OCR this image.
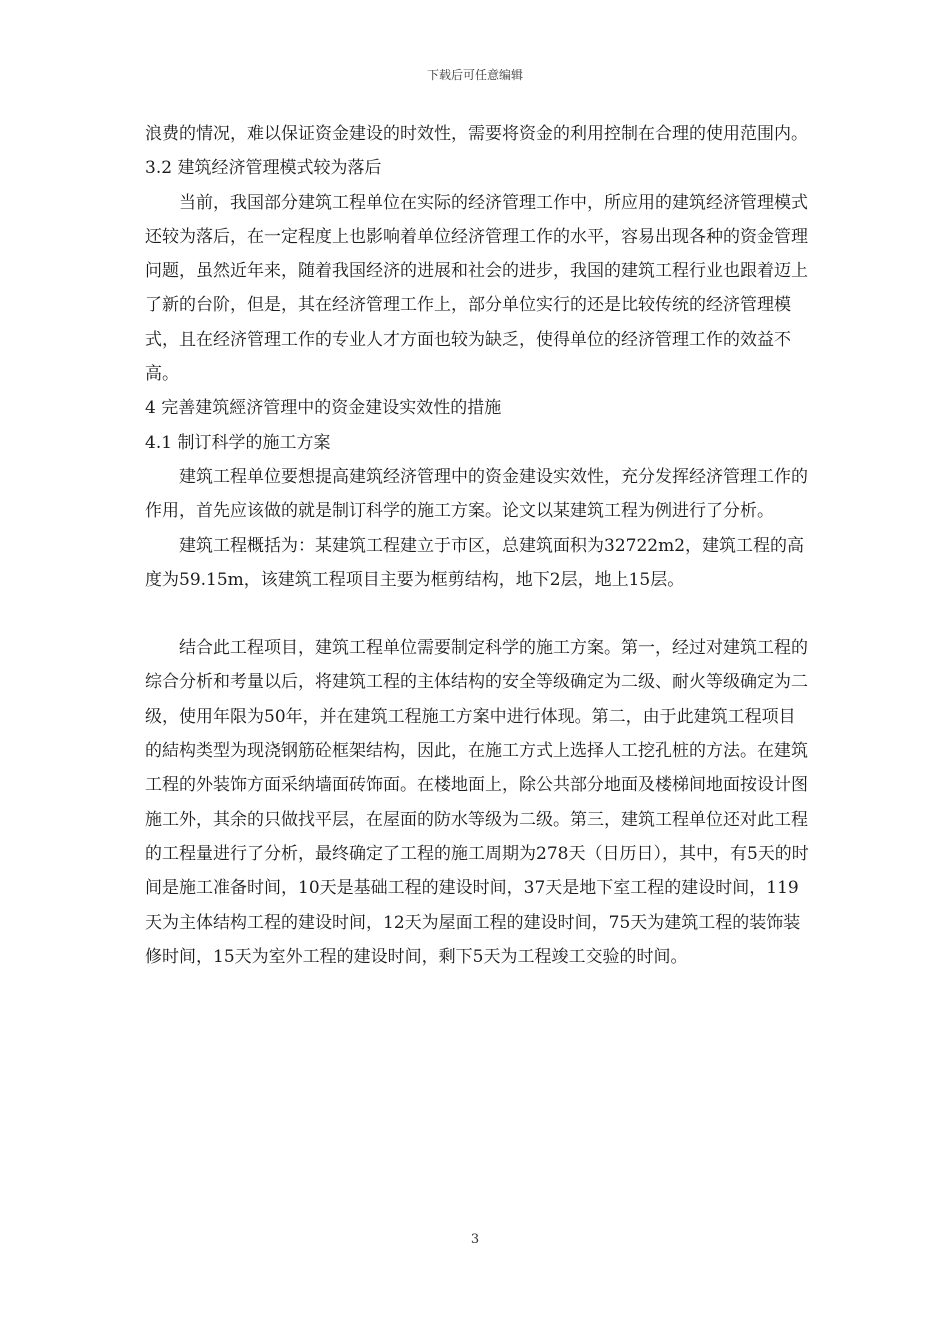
下载后可任意编辑

浪费的情况，难以保证资金建设的时效性，需要将资金的利用控制在合理的使用范围内。

3.2 建筑经济管理模式较为落后

当前，我国部分建筑工程单位在实际的经济管理工作中，所应用的建筑经济管理模式还较为落后，在一定程度上也影响着单位经济管理工作的水平，容易出现各种的资金管理问题，虽然近年来，随着我国经济的进展和社会的进步，我国的建筑工程行业也跟着迈上了新的台阶，但是，其在经济管理工作上，部分单位实行的还是比较传统的经济管理模式，且在经济管理工作的专业人才方面也较为缺乏，使得单位的经济管理工作的效益不高。

4 完善建筑經济管理中的资金建设实效性的措施

4.1 制订科学的施工方案

建筑工程单位要想提高建筑经济管理中的资金建设实效性，充分发挥经济管理工作的作用，首先应该做的就是制订科学的施工方案。论文以某建筑工程为例进行了分析。

建筑工程概括为：某建筑工程建立于市区，总建筑面积为32722m2，建筑工程的高度为59.15m，该建筑工程项目主要为框剪结构，地下2层，地上15层。

结合此工程项目，建筑工程单位需要制定科学的施工方案。第一，经过对建筑工程的综合分析和考量以后，将建筑工程的主体结构的安全等级确定为二级、耐火等级确定为二级，使用年限为50年，并在建筑工程施工方案中进行体现。第二，由于此建筑工程项目的結构类型为现浇钢筋砼框架结构，因此，在施工方式上选择人工挖孔桩的方法。在建筑工程的外装饰方面采纳墙面砖饰面。在楼地面上，除公共部分地面及楼梯间地面按设计图施工外，其余的只做找平层，在屋面的防水等级为二级。第三，建筑工程单位还对此工程的工程量进行了分析，最终确定了工程的施工周期为278天（日历日），其中，有5天的时间是施工准备时间，10天是基础工程的建设时间，37天是地下室工程的建设时间，119天为主体结构工程的建设时间，12天为屋面工程的建设时间，75天为建筑工程的装饰装修时间，15天为室外工程的建设时间，剩下5天为工程竣工交验的时间。

3
